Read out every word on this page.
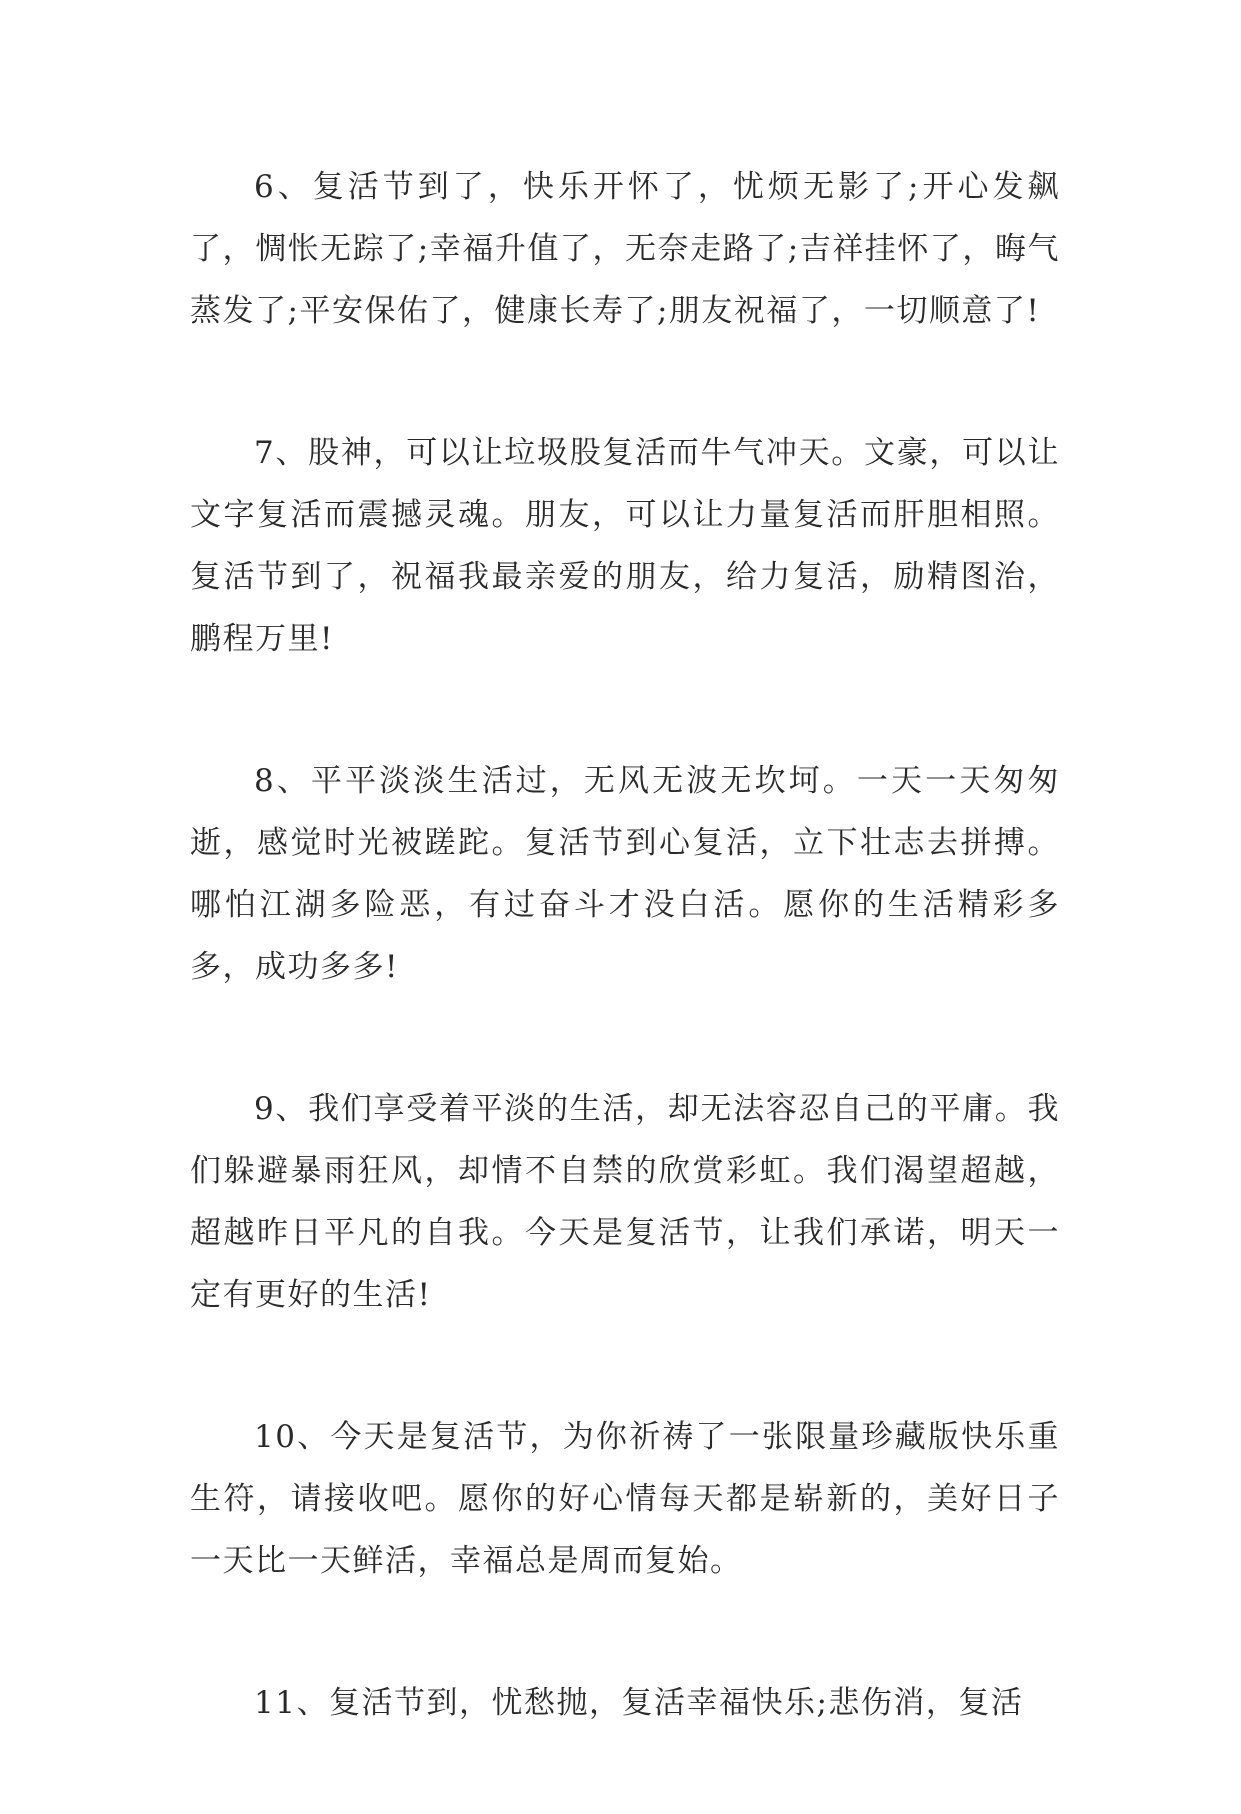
6、复活节到了，快乐开怀了，忧烦无影了;开心发飙了，惆怅无踪了;幸福升值了，无奈走路了;吉祥挂怀了，晦气蒸发了;平安保佑了，健康长寿了;朋友祝福了，一切顺意了!

7、股神，可以让垃圾股复活而牛气冲天。文豪，可以让文字复活而震撼灵魂。朋友，可以让力量复活而肝胆相照。复活节到了，祝福我最亲爱的朋友，给力复活，励精图治，鹏程万里!

8、平平淡淡生活过，无风无波无坎坷。一天一天匆匆逝，感觉时光被蹉跎。复活节到心复活，立下壮志去拼搏。哪怕江湖多险恶，有过奋斗才没白活。愿你的生活精彩多多，成功多多!

9、我们享受着平淡的生活，却无法容忍自己的平庸。我们躲避暴雨狂风，却情不自禁的欣赏彩虹。我们渴望超越，超越昨日平凡的自我。今天是复活节，让我们承诺，明天一定有更好的生活!

10、今天是复活节，为你祈祷了一张限量珍藏版快乐重生符，请接收吧。愿你的好心情每天都是崭新的，美好日子一天比一天鲜活，幸福总是周而复始。

11、复活节到，忧愁抛，复活幸福快乐;悲伤消，复活
